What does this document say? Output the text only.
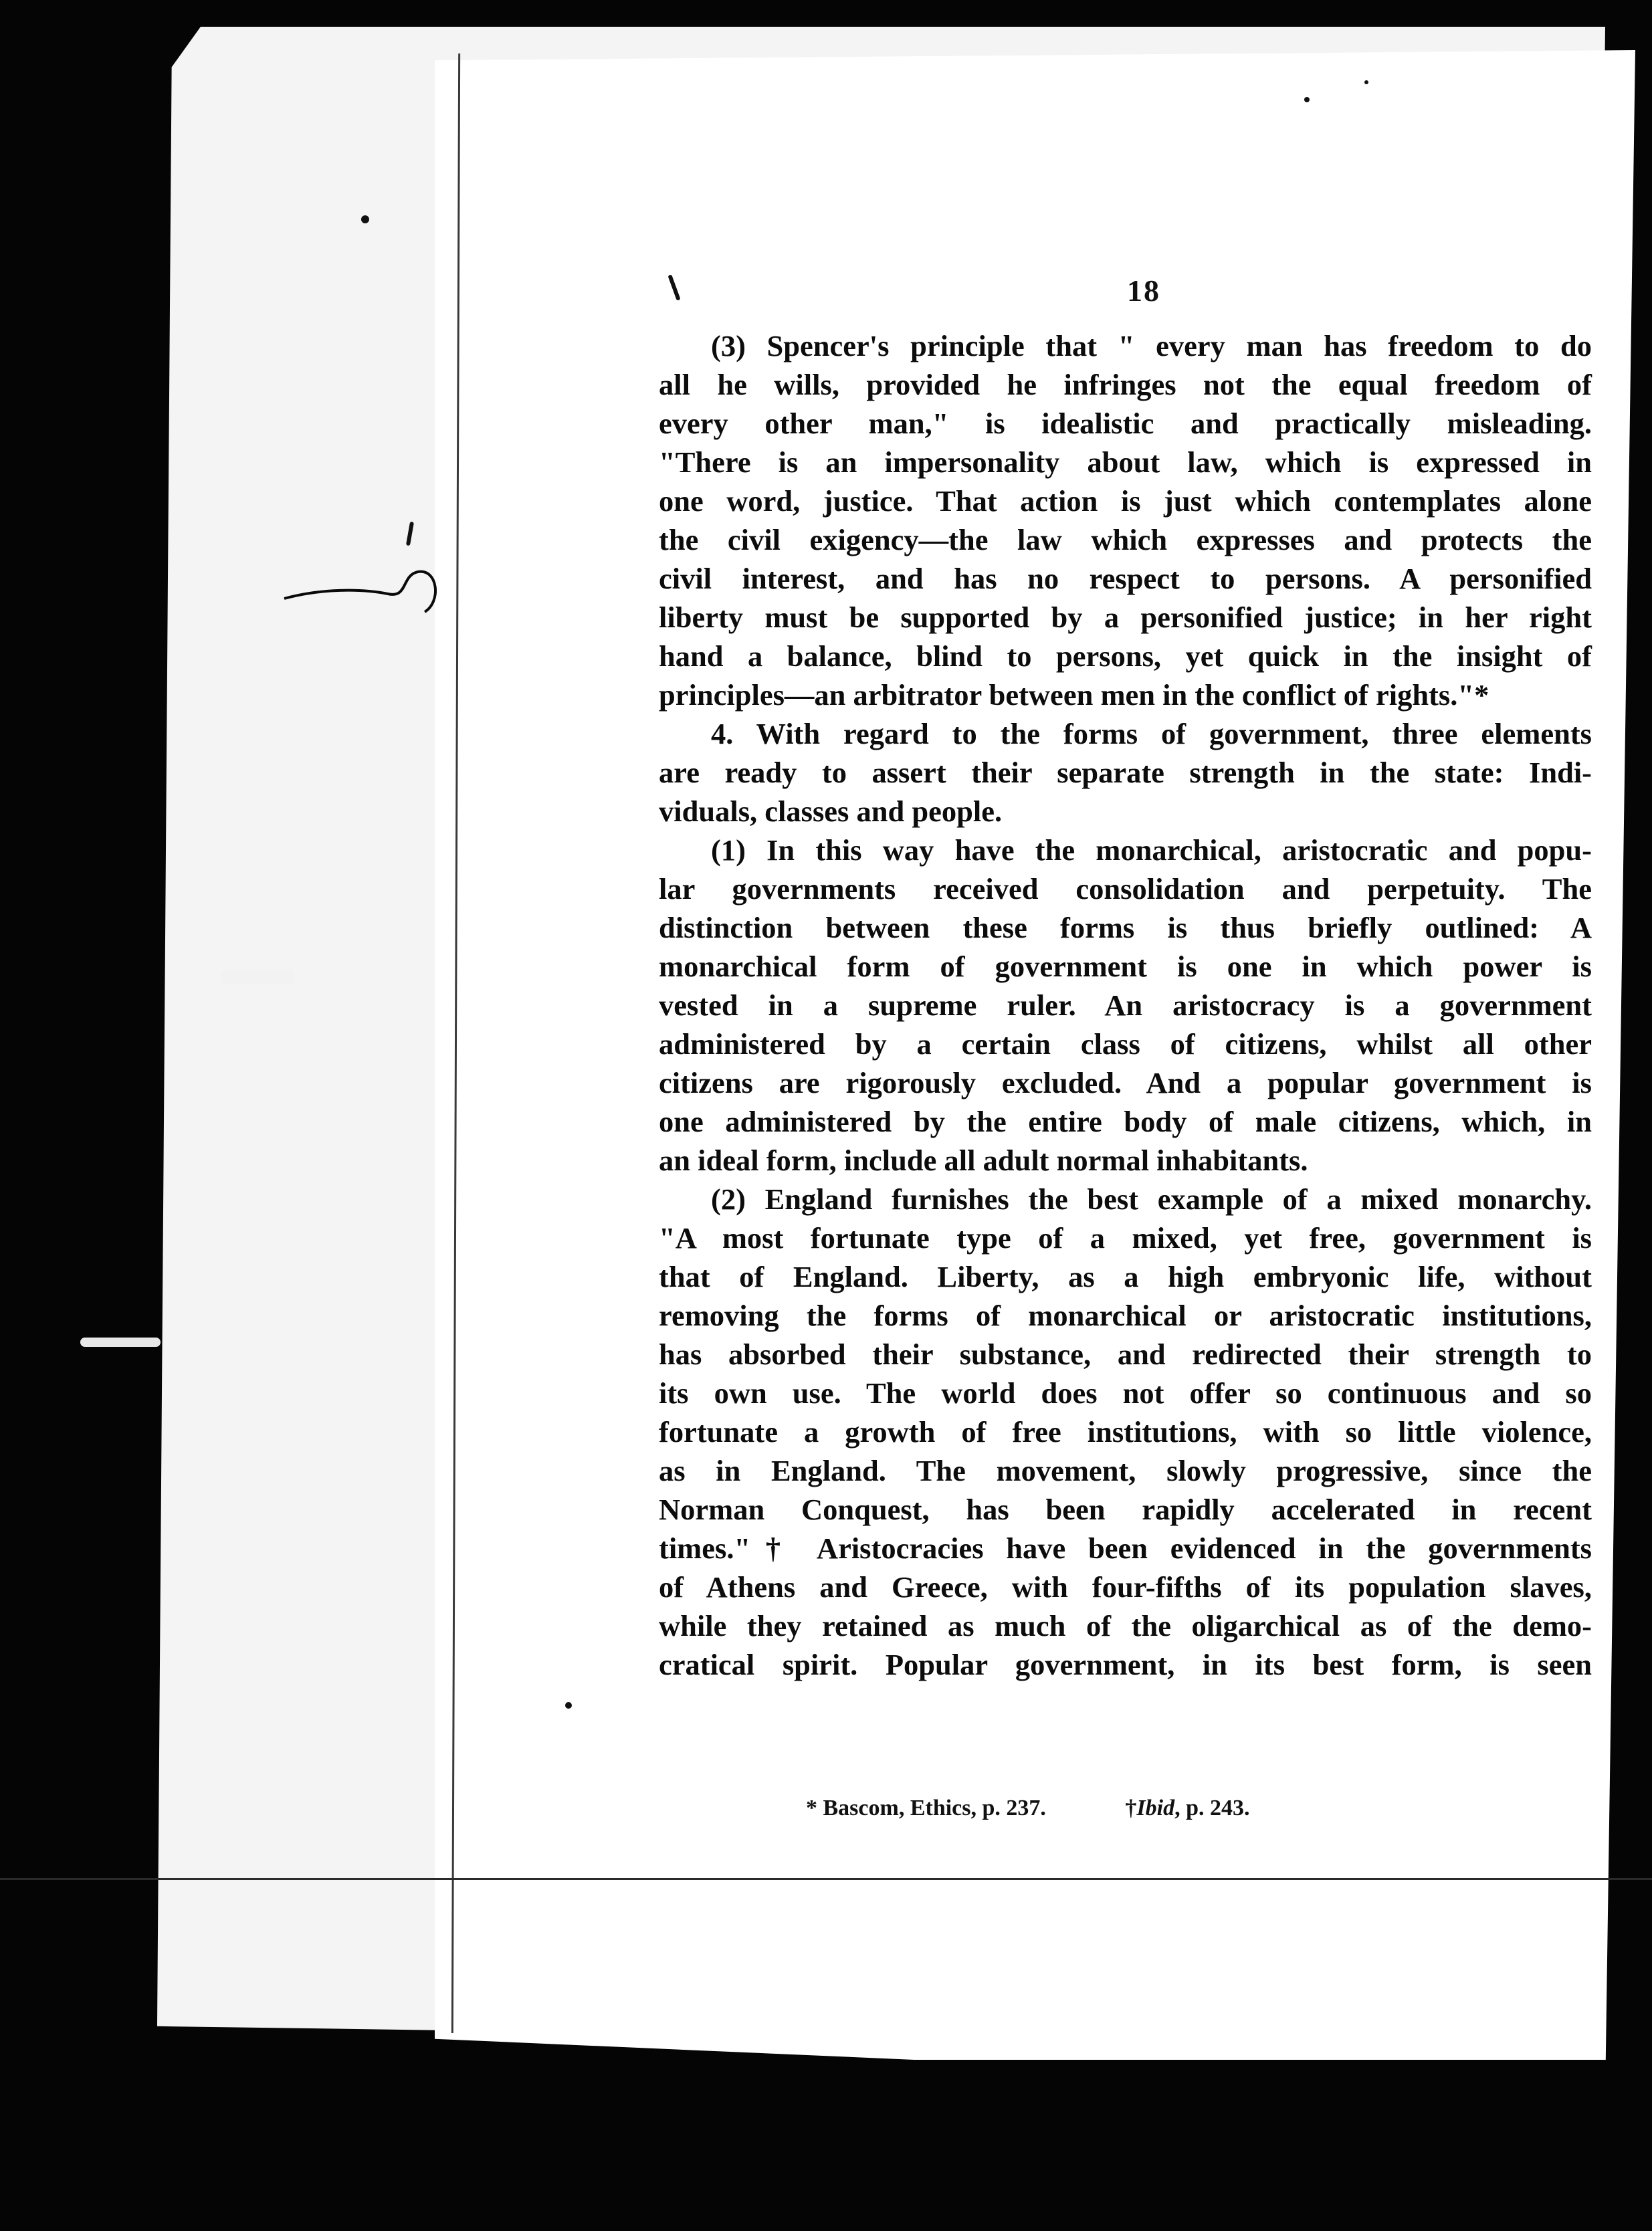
18
(3) Spencer's principle that " every man has freedom to do
all he wills, provided he infringes not the equal freedom of
every other man," is idealistic and practically misleading.
"There is an impersonality about law, which is expressed in
one word, justice. That action is just which contemplates alone
the civil exigency—the law which expresses and protects the
civil interest, and has no respect to persons. A personified
liberty must be supported by a personified justice; in her right
hand a balance, blind to persons, yet quick in the insight of
principles—an arbitrator between men in the conflict of rights."*
4. With regard to the forms of government, three elements
are ready to assert their separate strength in the state: Indi-
viduals, classes and people.
(1) In this way have the monarchical, aristocratic and popu-
lar governments received consolidation and perpetuity. The
distinction between these forms is thus briefly outlined: A
monarchical form of government is one in which power is
vested in a supreme ruler. An aristocracy is a government
administered by a certain class of citizens, whilst all other
citizens are rigorously excluded. And a popular government is
one administered by the entire body of male citizens, which, in
an ideal form, include all adult normal inhabitants.
(2) England furnishes the best example of a mixed monarchy.
"A most fortunate type of a mixed, yet free, government is
that of England. Liberty, as a high embryonic life, without
removing the forms of monarchical or aristocratic institutions,
has absorbed their substance, and redirected their strength to
its own use. The world does not offer so continuous and so
fortunate a growth of free institutions, with so little violence,
as in England. The movement, slowly progressive, since the
Norman Conquest, has been rapidly accelerated in recent
times."† Aristocracies have been evidenced in the governments
of Athens and Greece, with four-fifths of its population slaves,
while they retained as much of the oligarchical as of the demo-
cratical spirit. Popular government, in its best form, is seen
* Bascom, Ethics, p. 237.	†Ibid, p. 243.
